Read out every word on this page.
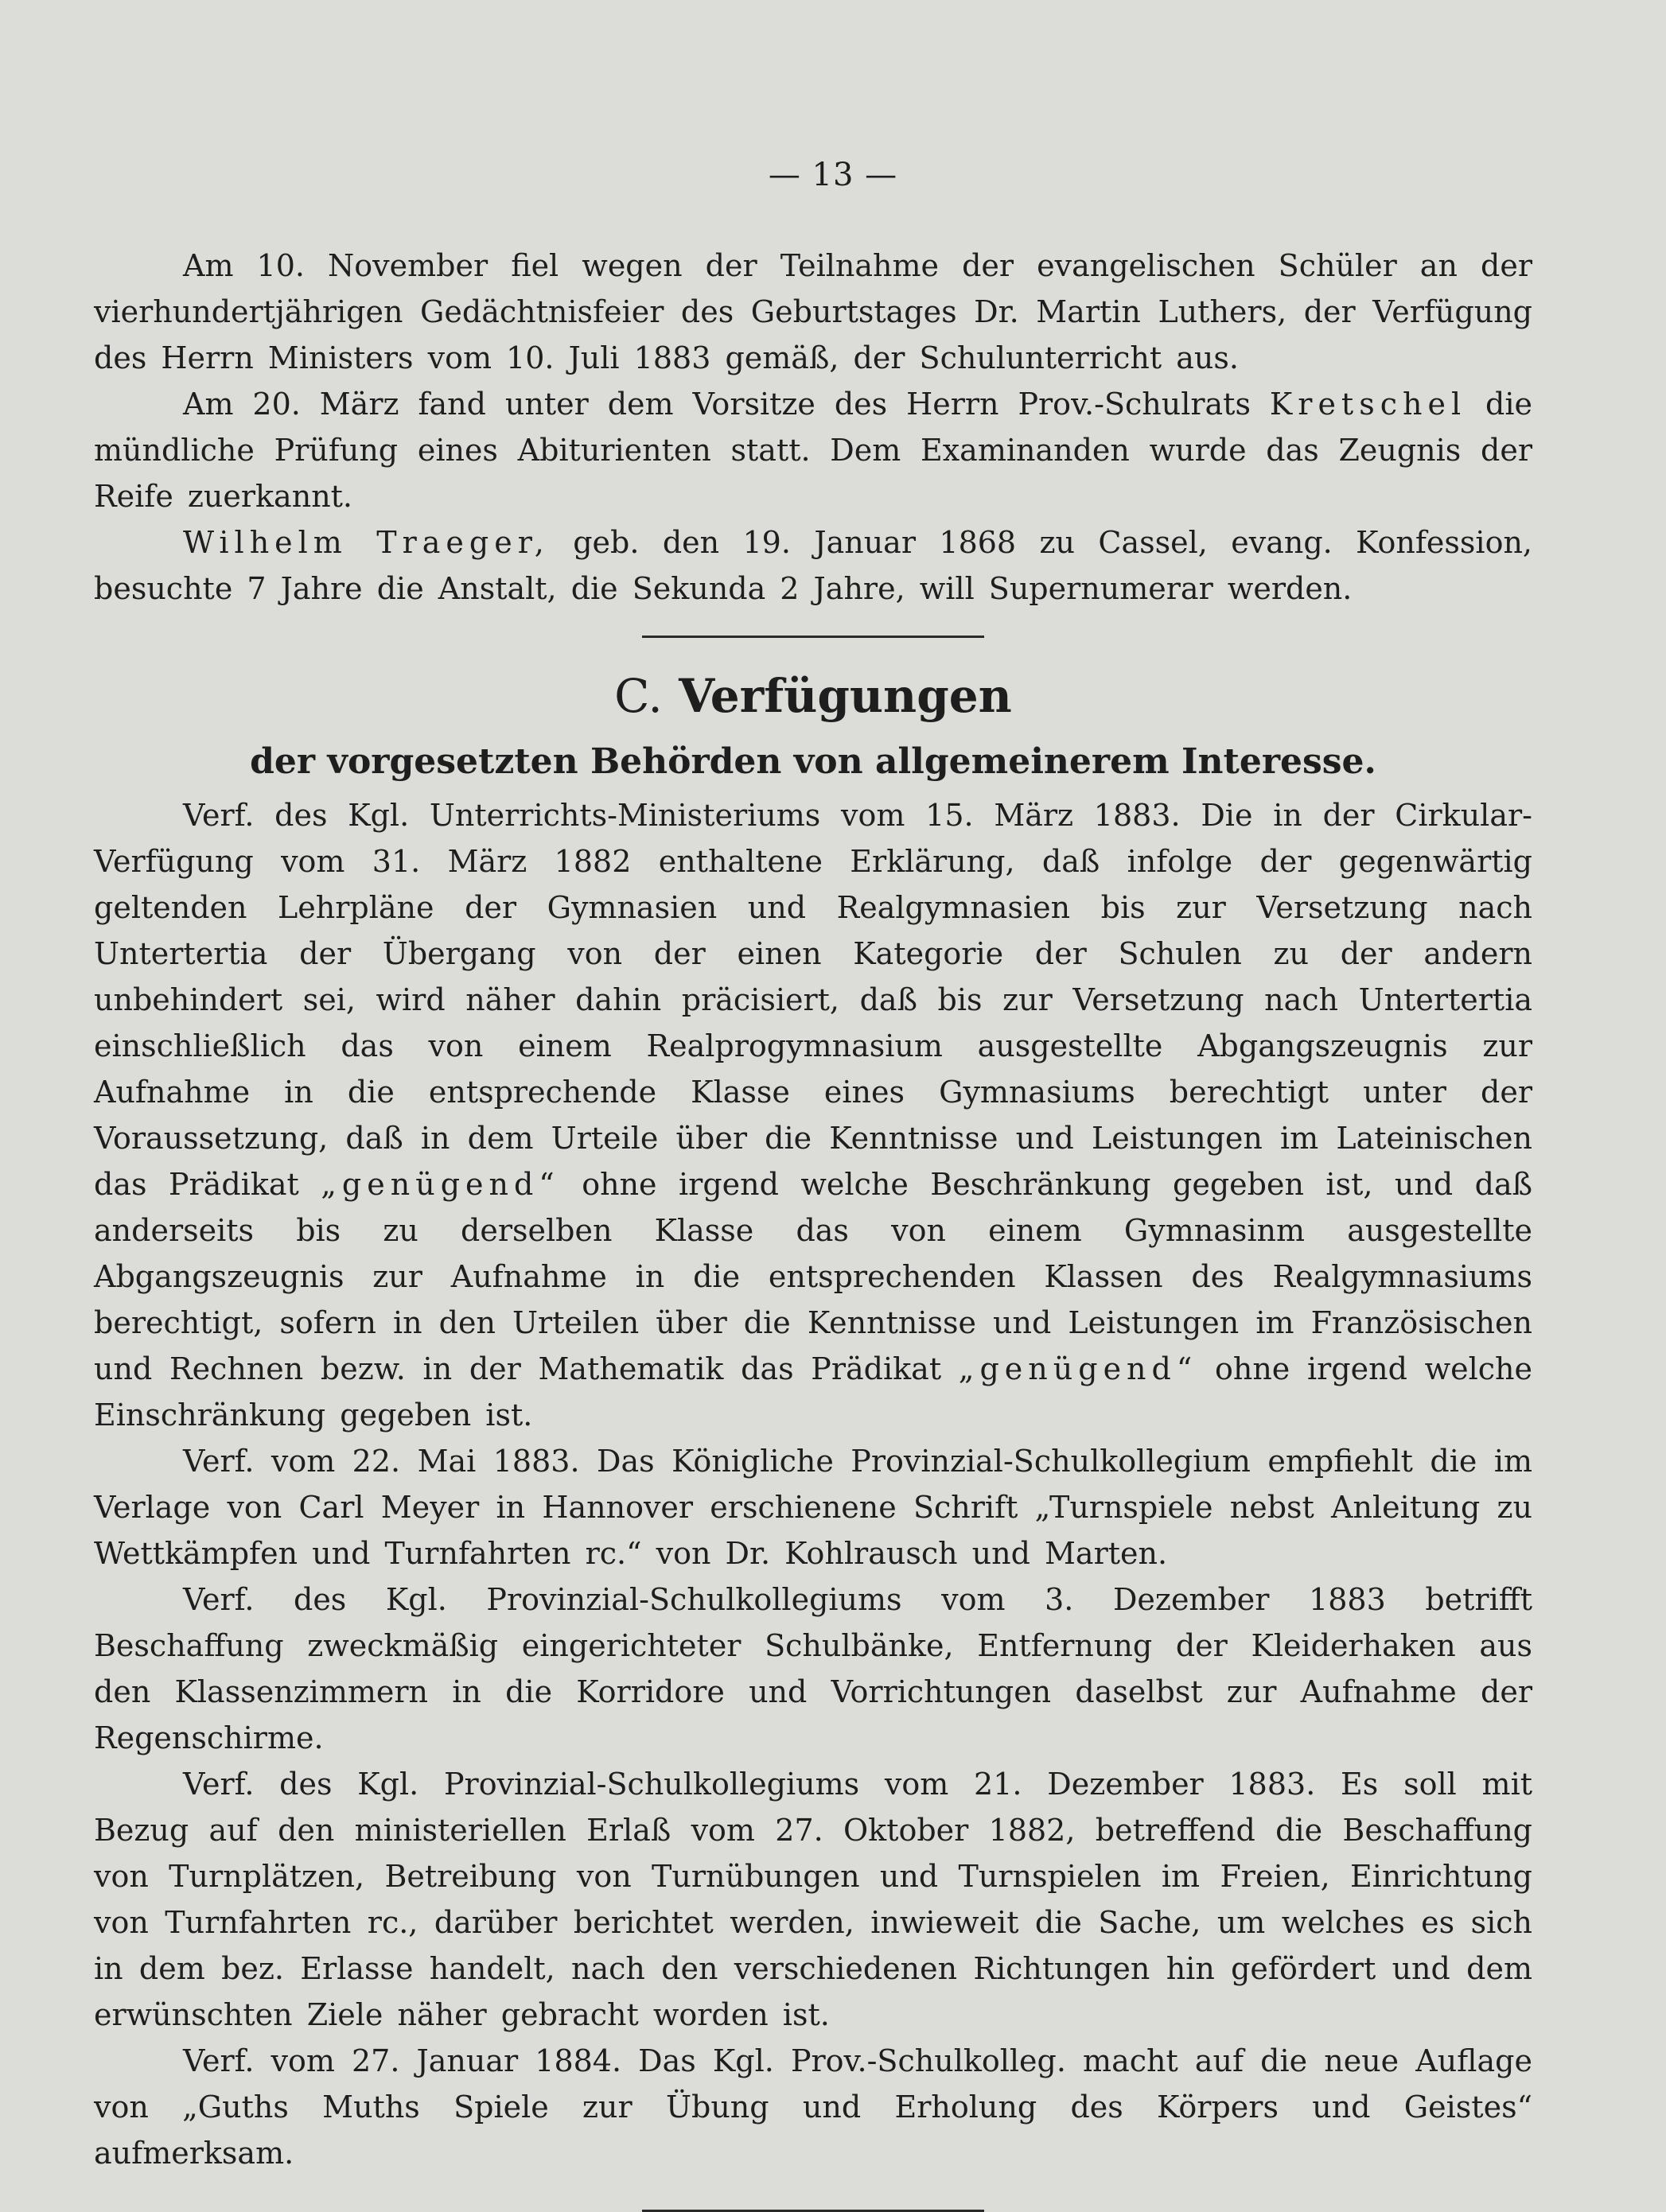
— 13 —

Am 10. November fiel wegen der Teilnahme der evangelischen Schüler an der vierhundertjährigen Gedächtnisfeier des Geburtstages Dr. Martin Luthers, der Verfügung des Herrn Ministers vom 10. Juli 1883 gemäß, der Schulunterricht aus.

Am 20. März fand unter dem Vorsitze des Herrn Prov.-Schulrats Kretschel die mündliche Prüfung eines Abiturienten statt. Dem Examinanden wurde das Zeugnis der Reife zuerkannt.

Wilhelm Traeger, geb. den 19. Januar 1868 zu Cassel, evang. Konfession, besuchte 7 Jahre die Anstalt, die Sekunda 2 Jahre, will Supernumerar werden.

C. Verfügungen
der vorgesetzten Behörden von allgemeinerem Interesse.

Verf. des Kgl. Unterrichts-Ministeriums vom 15. März 1883. Die in der Cirkular-Verfügung vom 31. März 1882 enthaltene Erklärung, daß infolge der gegenwärtig geltenden Lehrpläne der Gymnasien und Realgymnasien bis zur Versetzung nach Untertertia der Übergang von der einen Kategorie der Schulen zu der andern unbehindert sei, wird näher dahin präcisiert, daß bis zur Versetzung nach Untertertia einschließlich das von einem Realprogymnasium ausgestellte Abgangszeugnis zur Aufnahme in die entsprechende Klasse eines Gymnasiums berechtigt unter der Voraussetzung, daß in dem Urteile über die Kenntnisse und Leistungen im Lateinischen das Prädikat „genügend“ ohne irgend welche Beschränkung gegeben ist, und daß anderseits bis zu derselben Klasse das von einem Gymnasinm ausgestellte Abgangszeugnis zur Aufnahme in die entsprechenden Klassen des Realgymnasiums berechtigt, sofern in den Urteilen über die Kenntnisse und Leistungen im Französischen und Rechnen bezw. in der Mathematik das Prädikat „genügend“ ohne irgend welche Einschränkung gegeben ist.

Verf. vom 22. Mai 1883. Das Königliche Provinzial-Schulkollegium empfiehlt die im Verlage von Carl Meyer in Hannover erschienene Schrift „Turnspiele nebst Anleitung zu Wettkämpfen und Turnfahrten rc.“ von Dr. Kohlrausch und Marten.

Verf. des Kgl. Provinzial-Schulkollegiums vom 3. Dezember 1883 betrifft Beschaffung zweckmäßig eingerichteter Schulbänke, Entfernung der Kleiderhaken aus den Klassenzimmern in die Korridore und Vorrichtungen daselbst zur Aufnahme der Regenschirme.

Verf. des Kgl. Provinzial-Schulkollegiums vom 21. Dezember 1883. Es soll mit Bezug auf den ministeriellen Erlaß vom 27. Oktober 1882, betreffend die Beschaffung von Turnplätzen, Betreibung von Turnübungen und Turnspielen im Freien, Einrichtung von Turnfahrten rc., darüber berichtet werden, inwieweit die Sache, um welches es sich in dem bez. Erlasse handelt, nach den verschiedenen Richtungen hin gefördert und dem erwünschten Ziele näher gebracht worden ist.

Verf. vom 27. Januar 1884. Das Kgl. Prov.-Schulkolleg. macht auf die neue Auflage von „Guths Muths Spiele zur Übung und Erholung des Körpers und Geistes“ aufmerksam.
